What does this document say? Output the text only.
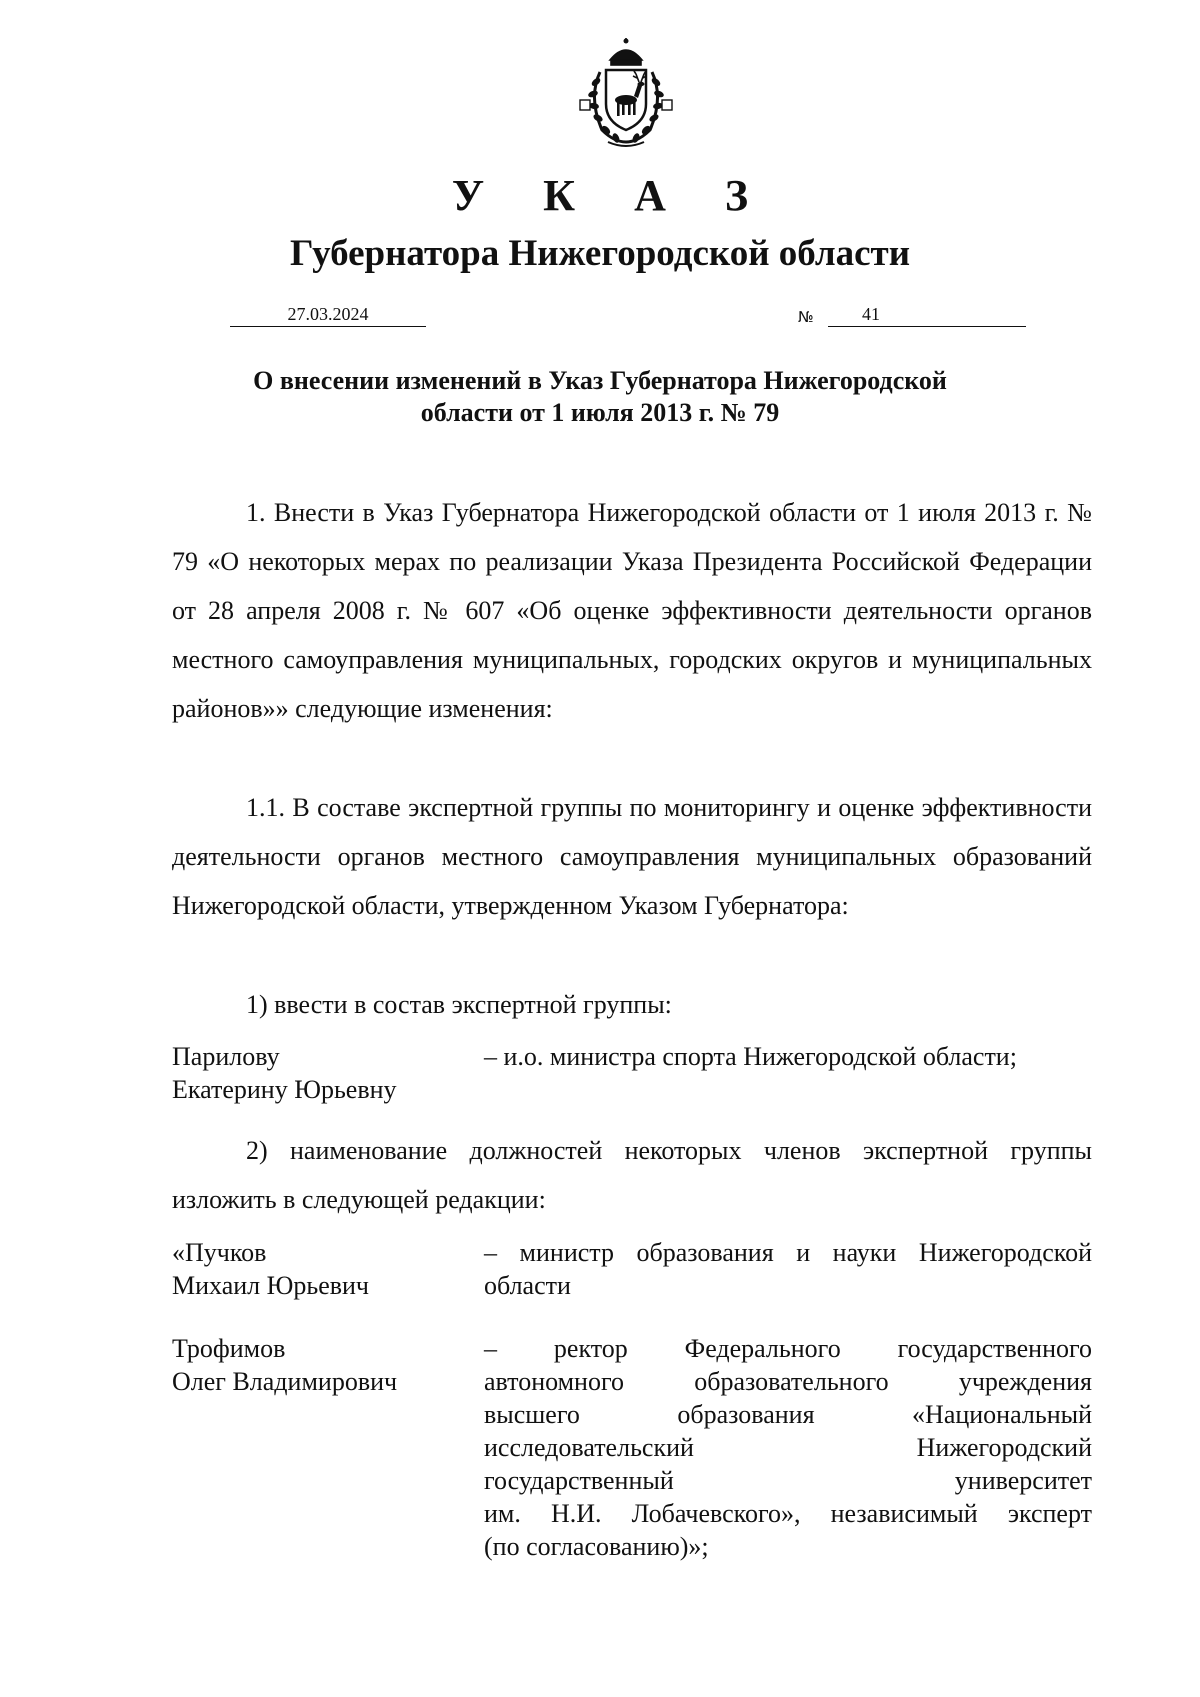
У К А З
Губернатора Нижегородской области
27.03.2024	№	41
О внесении изменений в Указ Губернатора Нижегородской
области от 1 июля 2013 г. № 79

1. Внести в Указ Губернатора Нижегородской области от 1 июля 2013 г. № 79 «О некоторых мерах по реализации Указа Президента Российской Федерации от 28 апреля 2008 г. № 607 «Об оценке эффективности деятельности органов местного самоуправления муниципальных, городских округов и муниципальных районов»» следующие изменения:

1.1. В составе экспертной группы по мониторингу и оценке эффективности деятельности органов местного самоуправления муниципальных образований Нижегородской области, утвержденном Указом Губернатора:

1) ввести в состав экспертной группы:

Парилову
Екатерину Юрьевну
– и.о. министра спорта Нижегородской области;

2) наименование должностей некоторых членов экспертной группы изложить в следующей редакции:

«Пучков
Михаил Юрьевич
– министр образования и науки Нижегородской
области
Трофимов
Олег Владимирович
– ректор Федерального государственного
автономного образовательного учреждения
высшего образования «Национальный
исследовательский Нижегородский
государственный университет
им. Н.И. Лобачевского», независимый эксперт
(по согласованию)»;
